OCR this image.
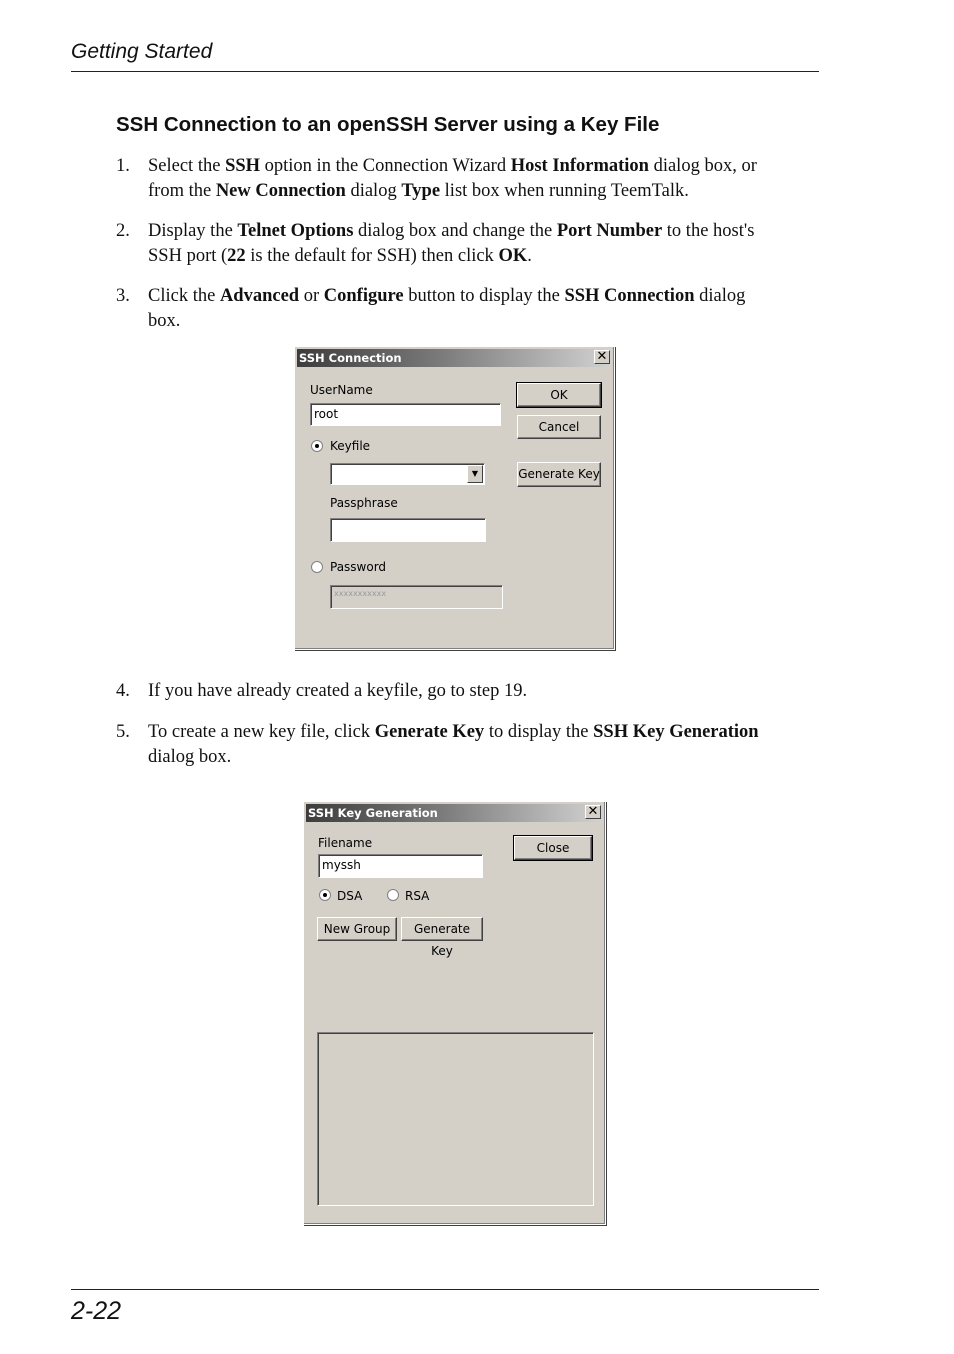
Getting Started
SSH Connection to an openSSH Server using a Key File
1. Select the SSH option in the Connection Wizard Host Information dialog box, or
from the New Connection dialog Type list box when running TeemTalk.
2. Display the Telnet Options dialog box and change the Port Number to the host's
SSH port (22 is the default for SSH) then click OK.
3. Click the Advanced or Configure button to display the SSH Connection dialog
box.
SSH Connection	✕
UserName
root
Keyfile
▼
Passphrase
Password
xxxxxxxxxxx
OK
Cancel
Generate Key
4. If you have already created a keyfile, go to step 19.
5. To create a new key file, click Generate Key to display the SSH Key Generation
dialog box.
SSH Key Generation	✕
Filename
myssh
DSA	RSA
New Group	Generate Key
Close
2-22
